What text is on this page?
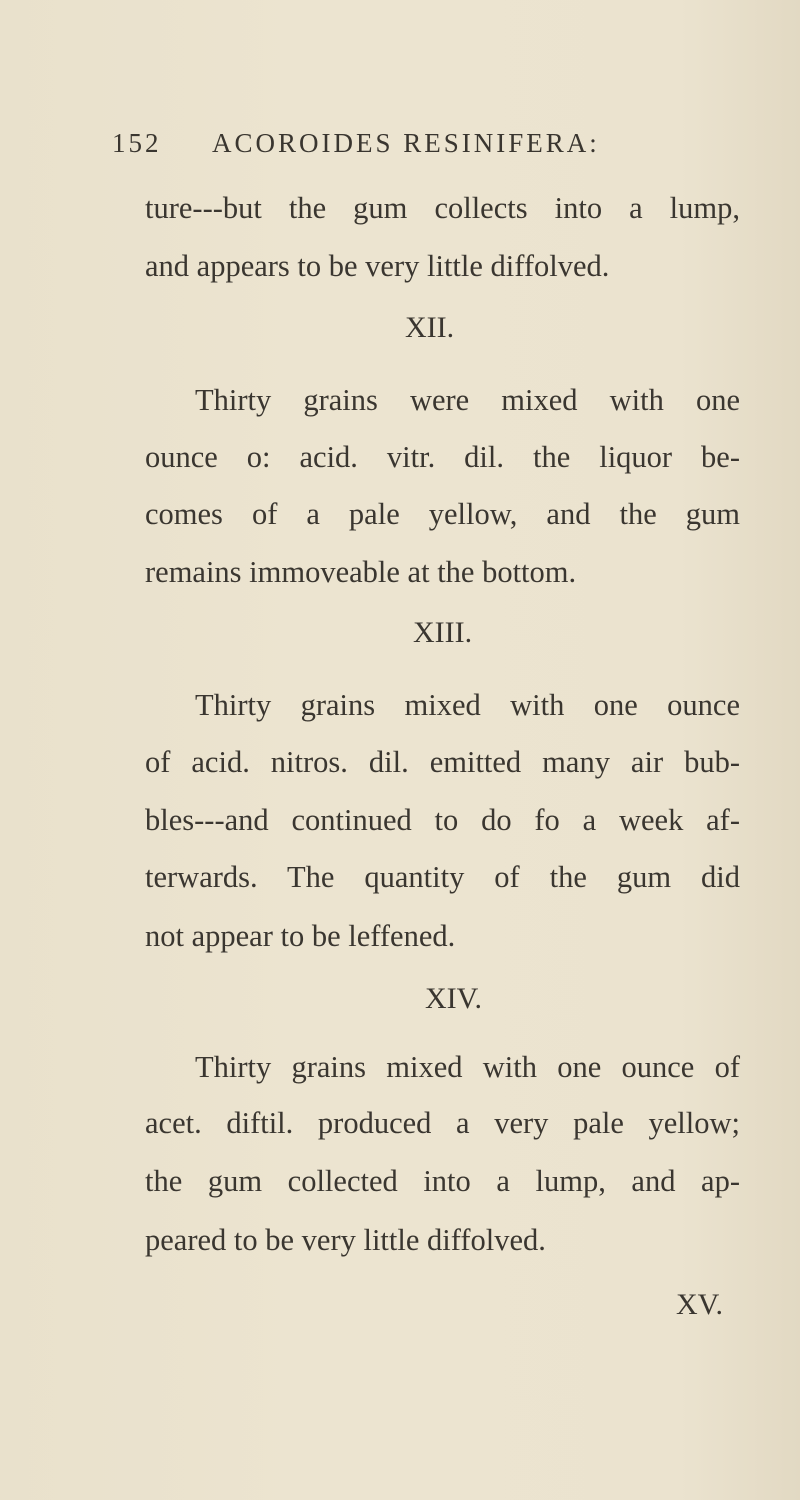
152 ACOROIDES RESINIFERA:
ture---but the gum collects into a lump,
and appears to be very little diffolved.
XII.
Thirty grains were mixed with one
ounce o: acid. vitr. dil. the liquor be-
comes of a pale yellow, and the gum
remains immoveable at the bottom.
XIII.
Thirty grains mixed with one ounce
of acid. nitros. dil. emitted many air bub-
bles---and continued to do fo a week af-
terwards. The quantity of the gum did
not appear to be leffened.
XIV.
Thirty grains mixed with one ounce of
acet. diftil. produced a very pale yellow;
the gum collected into a lump, and ap-
peared to be very little diffolved.
XV.
